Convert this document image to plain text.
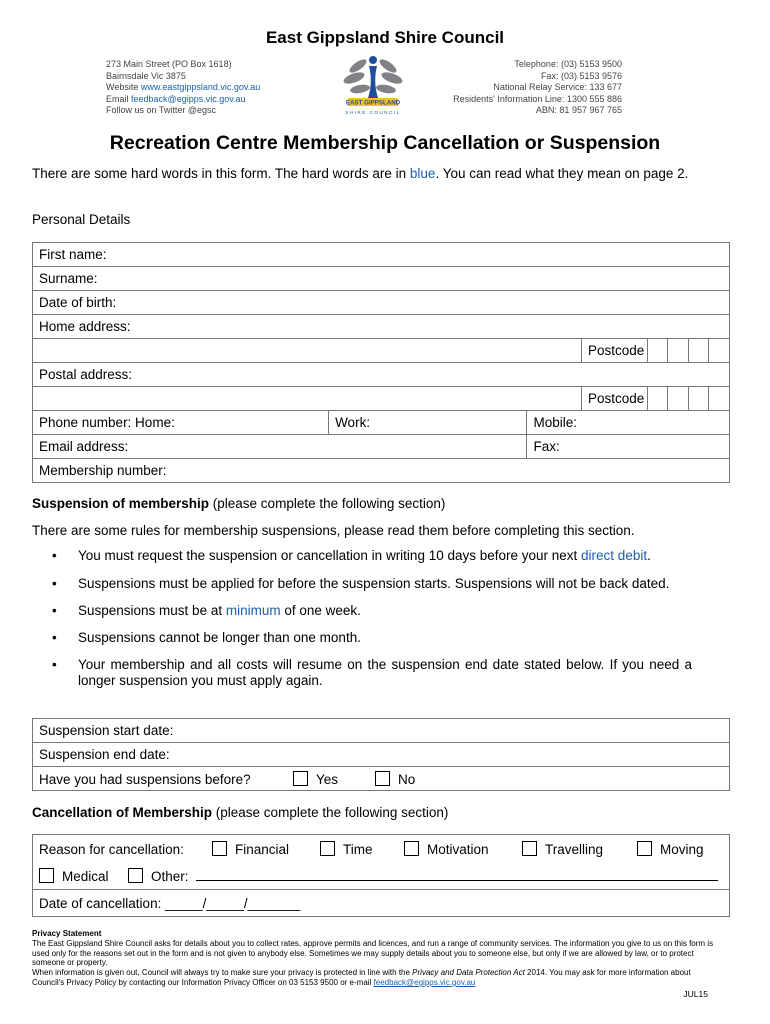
East Gippsland Shire Council
273 Main Street (PO Box 1618)
Bairnsdale Vic 3875
Website www.eastgippsland.vic.gov.au
Email feedback@egipps.vic.gov.au
Follow us on Twitter @egsc
EAST GIPPSLAND
SHIRE COUNCIL
Telephone: (03) 5153 9500
Fax: (03) 5153 9576
National Relay Service: 133 677
Residents' Information Line: 1300 555 886
ABN: 81 957 967 765
Recreation Centre Membership Cancellation or Suspension
There are some hard words in this form. The hard words are in blue. You can read what they mean on page 2.
Personal Details
First name:							
Surname:							
Date of birth:							
Home address:							
			Postcode				
Postal address:							
			Postcode				
Phone number: Home:	Work:	Mobile:					
Email address:		Fax:					
Membership number:							
Suspension of membership (please complete the following section)
There are some rules for membership suspensions, please read them before completing this section.
• You must request the suspension or cancellation in writing 10 days before your next direct debit.
• Suspensions must be applied for before the suspension starts. Suspensions will not be back dated.
• Suspensions must be at minimum of one week.
• Suspensions cannot be longer than one month.
• Your membership and all costs will resume on the suspension end date stated below. If you need a longer suspension you must apply again.
Suspension start date:
Suspension end date:
Have you had suspensions before?	Yes	No
Cancellation of Membership (please complete the following section)
Reason for cancellation:	Financial	Time	Motivation	Travelling	Moving
Medical	Other:
Date of cancellation: _____/_____/_______
Privacy Statement
The East Gippsland Shire Council asks for details about you to collect rates, approve permits and licences, and run a range of community services. The information you give to us on this form is used only for the reasons set out in the form and is not given to anybody else. Sometimes we may supply details about you to someone else, but only if we are allowed by law, or to protect someone or property.
When information is given out, Council will always try to make sure your privacy is protected in line with the Privacy and Data Protection Act 2014. You may ask for more information about Council's Privacy Policy by contacting our Information Privacy Officer on 03 5153 9500 or e-mail feedback@egipps.vic.gov.au
JUL15
